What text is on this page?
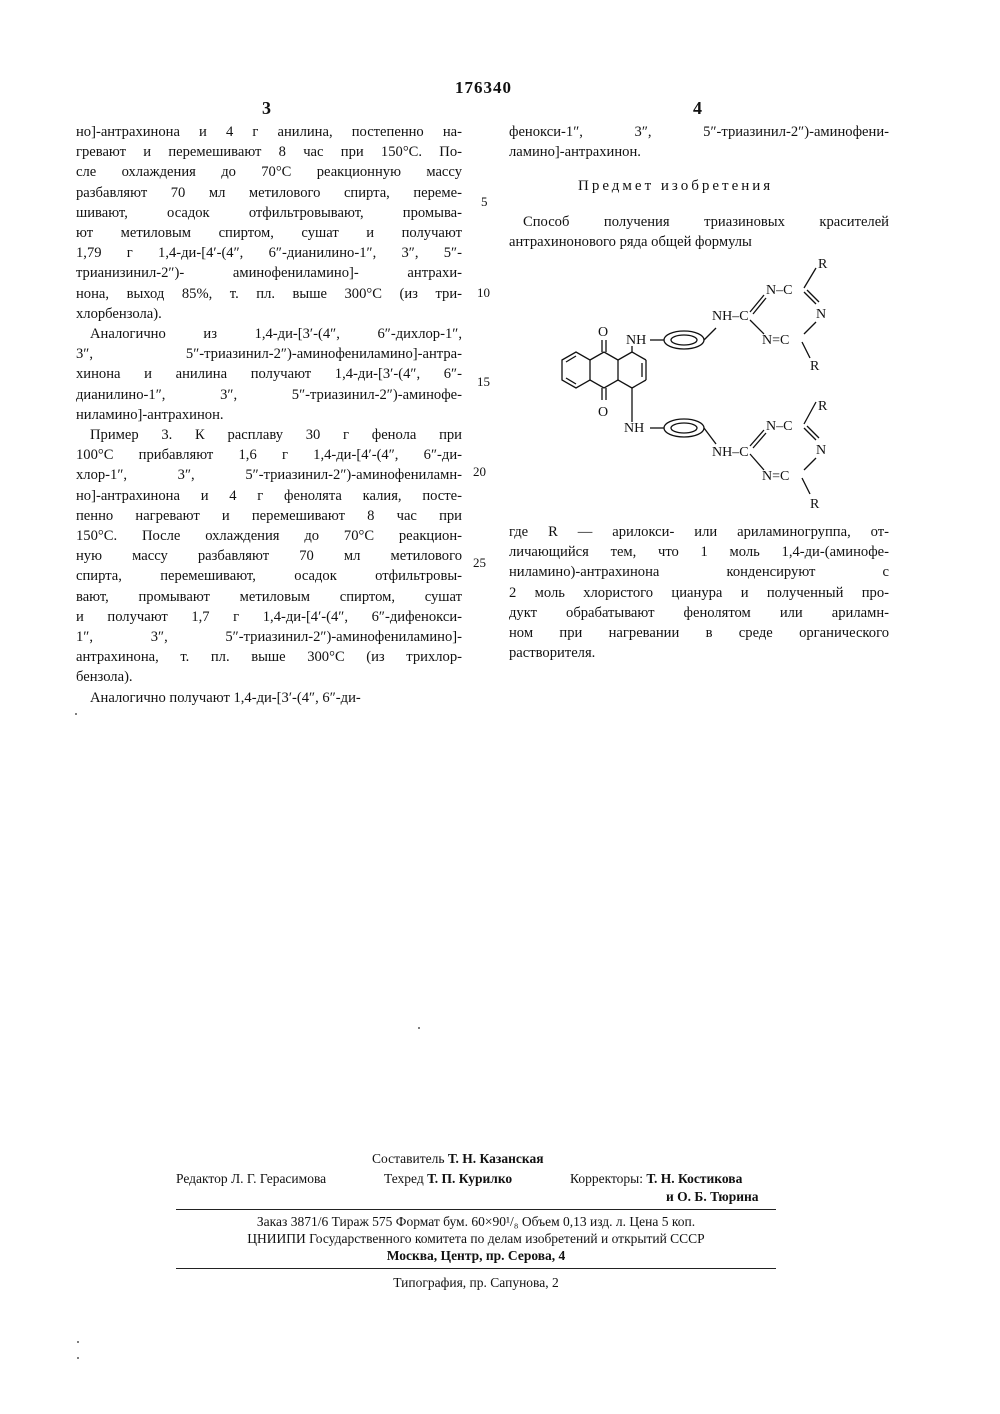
176340
3	4
но]-антрахинона и 4 г анилина, постепенно на-
гревают и перемешивают 8 час при 150°С. По-
сле охлаждения до 70°С реакционную массу
разбавляют 70 мл метилового спирта, переме-
шивают, осадок отфильтровывают, промыва-
ют метиловым спиртом, сушат и получают
1,79 г 1,4-ди-[4′-(4″, 6″-дианилино-1″, 3″, 5″-
трианизинил-2″)- аминофениламино]- антрахи-
нона, выход 85%, т. пл. выше 300°С (из три-
хлорбензола).
Аналогично из 1,4-ди-[3′-(4″, 6″-дихлор-1″,
3″, 5″-триазинил-2″)-аминофениламино]-антра-
хинона и анилина получают 1,4-ди-[3′-(4″, 6″-
дианилино-1″, 3″, 5″-триазинил-2″)-аминофе-
ниламино]-антрахинон.
Пример 3. К расплаву 30 г фенола при
100°С прибавляют 1,6 г 1,4-ди-[4′-(4″, 6″-ди-
хлор-1″, 3″, 5″-триазинил-2″)-аминофениламн-
но]-антрахинона и 4 г фенолята калия, посте-
пенно нагревают и перемешивают 8 час при
150°С. После охлаждения до 70°С реакцион-
ную массу разбавляют 70 мл метилового
спирта, перемешивают, осадок отфильтровы-
вают, промывают метиловым спиртом, сушат
и получают 1,7 г 1,4-ди-[4′-(4″, 6″-дифенокси-
1″, 3″, 5″-триазинил-2″)-аминофениламино]-
антрахинона, т. пл. выше 300°С (из трихлор-
бензола).
Аналогично получают 1,4-ди-[3′-(4″, 6″-ди-
5
10
15
20
25
фенокси-1″, 3″, 5″-триазинил-2″)-аминофени-
ламино]-антрахинон.
Предмет изобретения
Способ получения триазиновых красителей
антрахинонового ряда общей формулы
O
O
NH
NH
NH–C
NH–C
N–C
N
N=C
R
R
N–C
N
N=C
R
R
где R — арилокси- или ариламиногруппа, от-
личающийся тем, что 1 моль 1,4-ди-(аминофе-
ниламино)-антрахинона конденсируют с
2 моль хлористого циануpа и полученный про-
дукт обрабатывают фенолятом или ариламн-
ном при нагревании в среде органического
растворителя.
Составитель Т. Н. Казанская
Редактор Л. Г. Герасимова	Техред Т. П. Курилко	Корректоры: Т. Н. Костикова
и О. Б. Тюрина
Заказ 3871/6 Тираж 575 Формат бум. 60×90¹/₈ Объем 0,13 изд. л. Цена 5 коп.
ЦНИИПИ Государственного комитета по делам изобретений и открытий СССР
Москва, Центр, пр. Серова, 4
Типография, пр. Сапунова, 2
